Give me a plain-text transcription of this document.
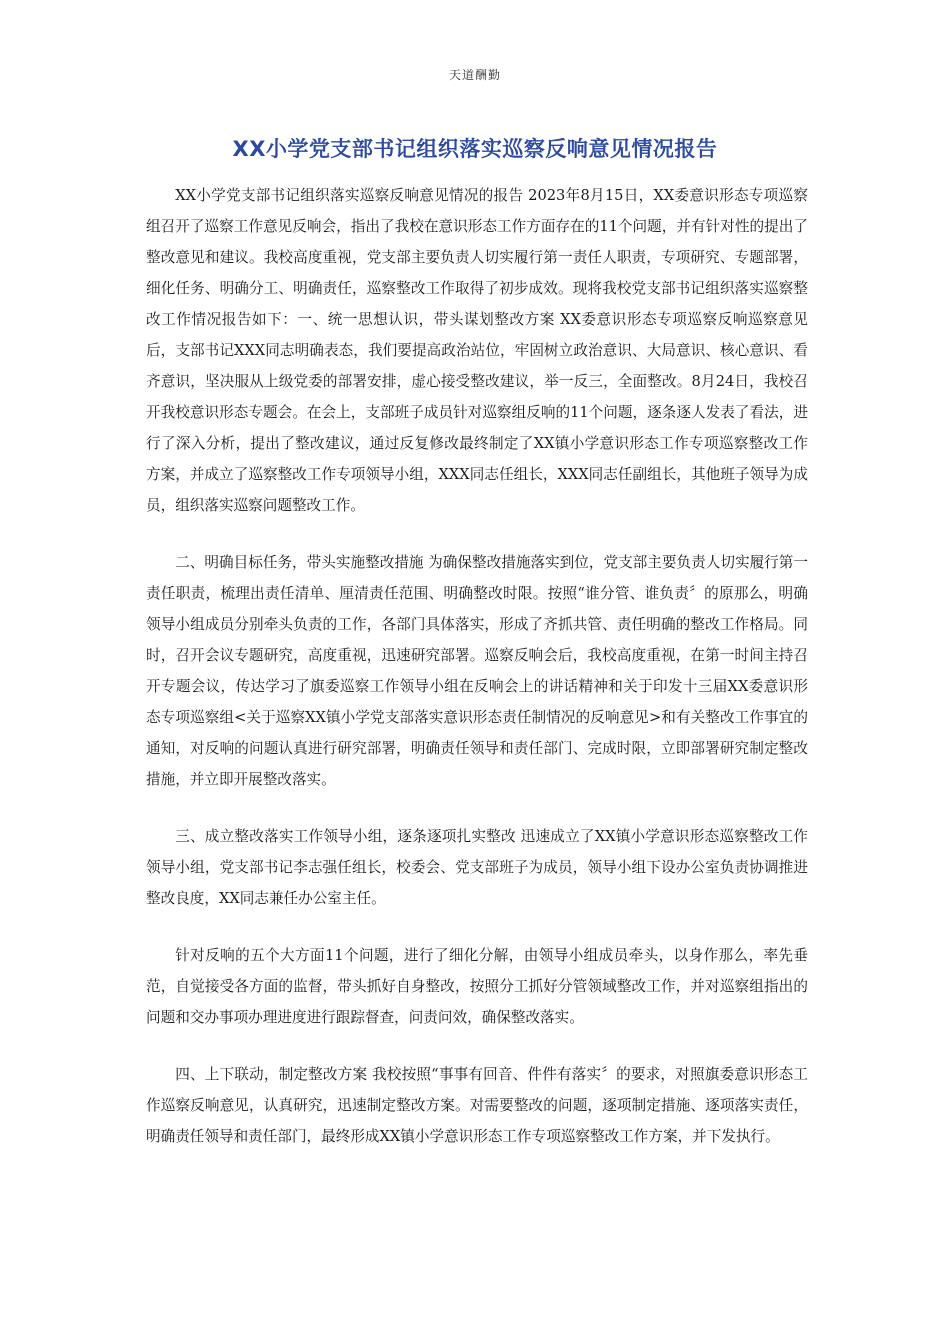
天道酬勤
XX小学党支部书记组织落实巡察反响意见情况报告

XX小学党支部书记组织落实巡察反响意见情况的报告 2023年8月15日，XX委意识形态专项巡察组召开了巡察工作意见反响会，指出了我校在意识形态工作方面存在的11个问题，并有针对性的提出了整改意见和建议。我校高度重视，党支部主要负责人切实履行第一责任人职责，专项研究、专题部署，细化任务、明确分工、明确责任，巡察整改工作取得了初步成效。现将我校党支部书记组织落实巡察整改工作情况报告如下：一、统一思想认识，带头谋划整改方案 XX委意识形态专项巡察反响巡察意见后，支部书记XXX同志明确表态，我们要提高政治站位，牢固树立政治意识、大局意识、核心意识、看齐意识，坚决服从上级党委的部署安排，虚心接受整改建议，举一反三，全面整改。8月24日，我校召开我校意识形态专题会。在会上，支部班子成员针对巡察组反响的11个问题，逐条逐人发表了看法，进行了深入分析，提出了整改建议，通过反复修改最终制定了XX镇小学意识形态工作专项巡察整改工作方案，并成立了巡察整改工作专项领导小组，XXX同志任组长，XXX同志任副组长，其他班子领导为成员，组织落实巡察问题整改工作。

二、明确目标任务，带头实施整改措施 为确保整改措施落实到位，党支部主要负责人切实履行第一责任职责，梳理出责任清单、厘清责任范围、明确整改时限。按照“谁分管、谁负责〞的原那么，明确领导小组成员分别牵头负责的工作，各部门具体落实，形成了齐抓共管、责任明确的整改工作格局。同时，召开会议专题研究，高度重视，迅速研究部署。巡察反响会后，我校高度重视，在第一时间主持召开专题会议，传达学习了旗委巡察工作领导小组在反响会上的讲话精神和关于印发十三届XX委意识形态专项巡察组<关于巡察XX镇小学党支部落实意识形态责任制情况的反响意见>和有关整改工作事宜的通知，对反响的问题认真进行研究部署，明确责任领导和责任部门、完成时限，立即部署研究制定整改措施，并立即开展整改落实。

三、成立整改落实工作领导小组，逐条逐项扎实整改 迅速成立了XX镇小学意识形态巡察整改工作领导小组，党支部书记李志强任组长，校委会、党支部班子为成员，领导小组下设办公室负责协调推进整改良度，XX同志兼任办公室主任。

针对反响的五个大方面11个问题，进行了细化分解，由领导小组成员牵头，以身作那么，率先垂范，自觉接受各方面的监督，带头抓好自身整改，按照分工抓好分管领域整改工作，并对巡察组指出的问题和交办事项办理进度进行跟踪督查，问责问效，确保整改落实。

四、上下联动，制定整改方案 我校按照“事事有回音、件件有落实〞的要求，对照旗委意识形态工作巡察反响意见，认真研究，迅速制定整改方案。对需要整改的问题，逐项制定措施、逐项落实责任，明确责任领导和责任部门，最终形成XX镇小学意识形态工作专项巡察整改工作方案，并下发执行。
